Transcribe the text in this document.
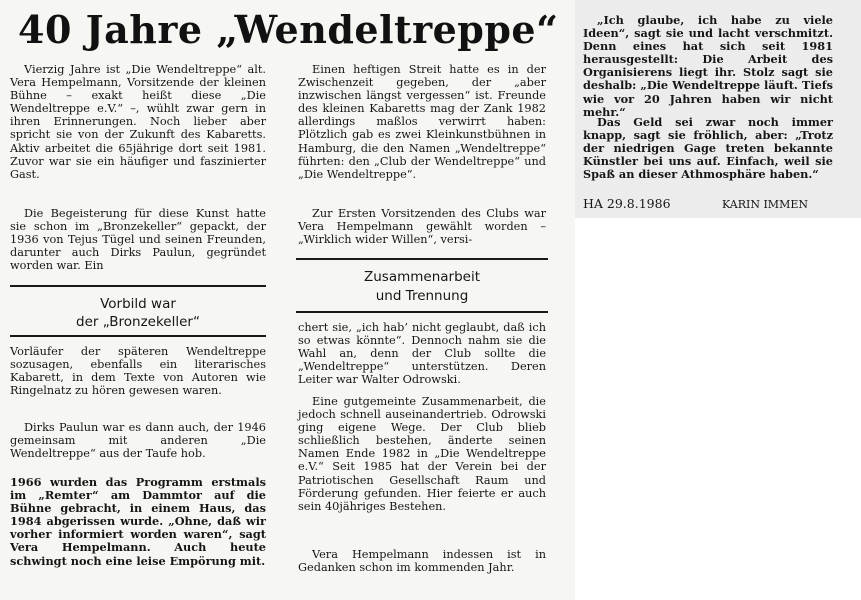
40 Jahre „Wendeltreppe“

Vierzig Jahre ist „Die Wendeltreppe“ alt. Vera Hempelmann, Vorsitzende der kleinen Bühne – exakt heißt diese „Die Wendeltreppe e.V.“ –, wühlt zwar gern in ihren Erinnerungen. Noch lieber aber spricht sie von der Zukunft des Kabaretts. Aktiv arbeitet die 65jährige dort seit 1981. Zuvor war sie ein häufiger und faszinierter Gast.

Die Begeisterung für diese Kunst hatte sie schon im „Bronzekeller“ gepackt, der 1936 von Tejus Tügel und seinen Freunden, darunter auch Dirks Paulun, gegründet worden war. Ein

Vorbild war
der „Bronzekeller“

Vorläufer der späteren Wendeltreppe sozusagen, ebenfalls ein literarisches Kabarett, in dem Texte von Autoren wie Ringelnatz zu hören gewesen waren.

Dirks Paulun war es dann auch, der 1946 gemeinsam mit anderen „Die Wendeltreppe“ aus der Taufe hob.

1966 wurden das Programm erstmals im „Remter“ am Dammtor auf die Bühne gebracht, in einem Haus, das 1984 abgerissen wurde. „Ohne, daß wir vorher informiert worden waren“, sagt Vera Hempelmann. Auch heute schwingt noch eine leise Empörung mit.

Einen heftigen Streit hatte es in der Zwischenzeit gegeben, der „aber inzwischen längst vergessen“ ist. Freunde des kleinen Kabaretts mag der Zank 1982 allerdings maßlos verwirrt haben: Plötzlich gab es zwei Kleinkunstbühnen in Hamburg, die den Namen „Wendeltreppe“ führten: den „Club der Wendeltreppe“ und „Die Wendeltreppe“.

Zur Ersten Vorsitzenden des Clubs war Vera Hempelmann gewählt worden – „Wirklich wider Willen“, versi-

Zusammenarbeit
und Trennung

chert sie, „ich hab’ nicht geglaubt, daß ich so etwas könnte“. Dennoch nahm sie die Wahl an, denn der Club sollte die „Wendeltreppe“ unterstützen. Deren Leiter war Walter Odrowski.

Eine gutgemeinte Zusammenarbeit, die jedoch schnell auseinandertrieb. Odrowski ging eigene Wege. Der Club blieb schließlich bestehen, änderte seinen Namen Ende 1982 in „Die Wendeltreppe e.V.“ Seit 1985 hat der Verein bei der Patriotischen Gesellschaft Raum und Förderung gefunden. Hier feierte er auch sein 40jähriges Bestehen.

Vera Hempelmann indessen ist in Gedanken schon im kommenden Jahr.

„Ich glaube, ich habe zu viele Ideen“, sagt sie und lacht verschmitzt. Denn eines hat sich seit 1981 herausgestellt: Die Arbeit des Organisierens liegt ihr. Stolz sagt sie deshalb: „Die Wendeltreppe läuft. Tiefs wie vor 20 Jahren haben wir nicht mehr.“

Das Geld sei zwar noch immer knapp, sagt sie fröhlich, aber: „Trotz der niedrigen Gage treten bekannte Künstler bei uns auf. Einfach, weil sie Spaß an dieser Athmosphäre haben.“

HA 29.8.1986	KARIN IMMEN
